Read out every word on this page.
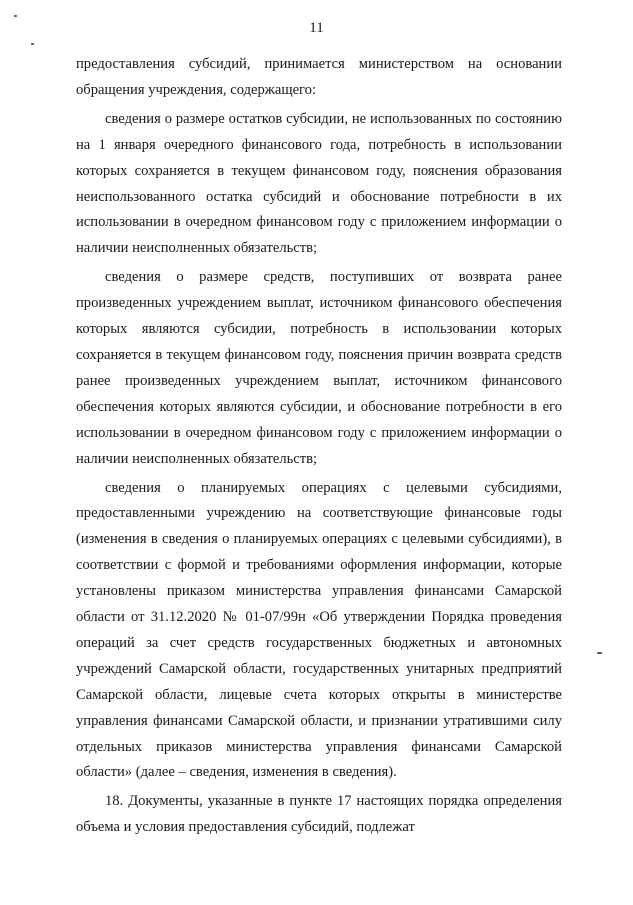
11

предоставления субсидий, принимается министерством на основании обращения учреждения, содержащего:

сведения о размере остатков субсидии, не использованных по состоянию на 1 января очередного финансового года, потребность в использовании которых сохраняется в текущем финансовом году, пояснения образования неиспользованного остатка субсидий и обоснование потребности в их использовании в очередном финансовом году с приложением информации о наличии неисполненных обязательств;

сведения о размере средств, поступивших от возврата ранее произведенных учреждением выплат, источником финансового обеспечения которых являются субсидии, потребность в использовании которых сохраняется в текущем финансовом году, пояснения причин возврата средств ранее произведенных учреждением выплат, источником финансового обеспечения которых являются субсидии, и обоснование потребности в его использовании в очередном финансовом году с приложением информации о наличии неисполненных обязательств;

сведения о планируемых операциях с целевыми субсидиями, предоставленными учреждению на соответствующие финансовые годы (изменения в сведения о планируемых операциях с целевыми субсидиями), в соответствии с формой и требованиями оформления информации, которые установлены приказом министерства управления финансами Самарской области от 31.12.2020 № 01-07/99н «Об утверждении Порядка проведения операций за счет средств государственных бюджетных и автономных учреждений Самарской области, государственных унитарных предприятий Самарской области, лицевые счета которых открыты в министерстве управления финансами Самарской области, и признании утратившими силу отдельных приказов министерства управления финансами Самарской области» (далее – сведения, изменения в сведения).

18. Документы, указанные в пункте 17 настоящих порядка определения объема и условия предоставления субсидий, подлежат
